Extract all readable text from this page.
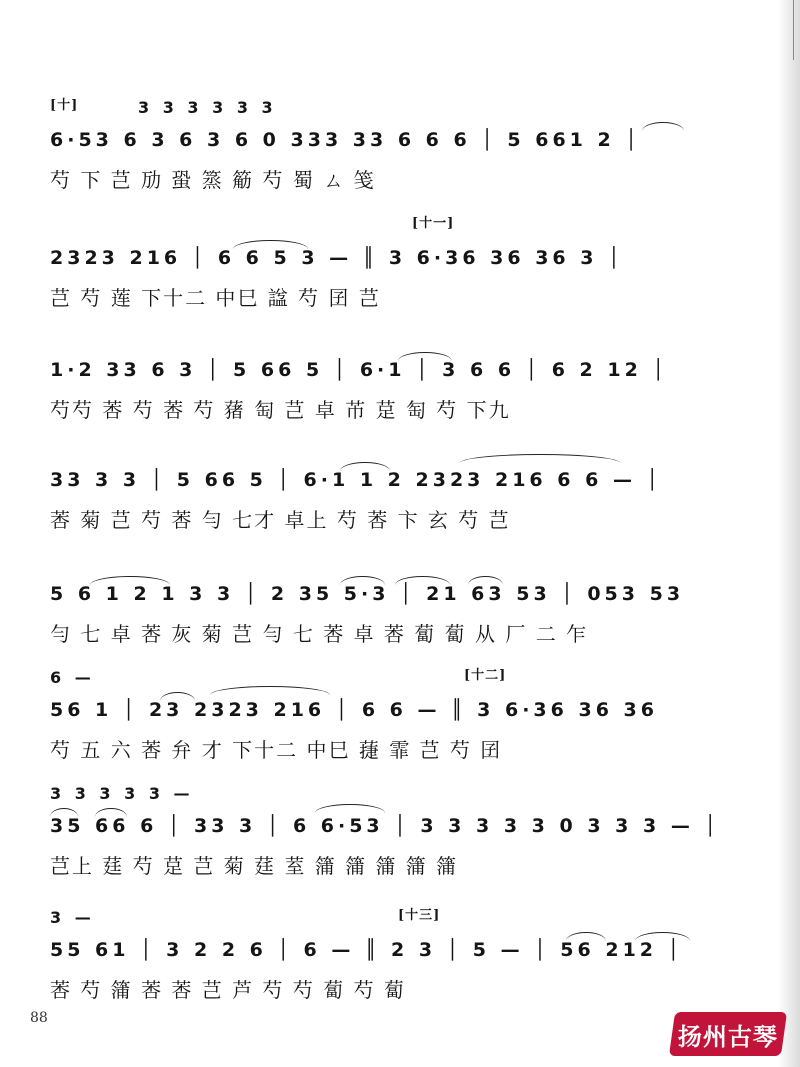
[十]	3 3 3 3 3 3
6·53 6 3 6 3 6 0 333 33 6 6 6 │ 5 661 2 │
芍 下 芑 劢 蛩 篜 䈥 芍 蜀 ㄙ 笺
[十一]
2323 216 │ 6 6 5 3 — ║ 3 6·36 36 36 3 │
芑 芍 莲 下十二 中巳 諡 芍 囝 芑
1·2 33 6 3 │ 5 66 5 │ 6·1 │ 3 6 6 │ 6 2 12 │
芍芍 莕 芍 莕 芍 蕏 匋 芑 卓 芇 莡 匋 芍 下九
33 3 3 │ 5 66 5 │ 6·1 1 2 2323 216 6 6 — │
莕 菊 芑 芍 莕 勻 七才 卓上 芍 莕 卞 玄 芍 芑
5 6 1 2 1 3 3 │ 2 35 5·3 │ 21 63 53 │ 053 53
勻 七 卓 莕 灰 菊 芑 勻 七 莕 卓 莕 蔔 蔔 从 厂 二 乍
[十二]
6 —
56 1 │ 23 2323 216 │ 6 6 — ║ 3 6·36 36 36
芍 五 六 莕 弁 才 下十二 中巳 蓵 霏 芑 芍 囝
3 3 3 3 3 —
35 66 6 │ 33 3 │ 6 6·53 │ 3 3 3 3 3 0 3 3 3 — │
芑上 莛 芍 莡 芑 菊 莛 荎 䈬 䈬 䈬 䈬 䈬
[十三]
3 —
55 61 │ 3 2 2 6 │ 6 — ║ 2 3 │ 5 — │ 56 212 │
莕 芍 䈬 莕 莕 芑 芦 芍 芍 蔔 芍 蔔
88
扬州古琴
